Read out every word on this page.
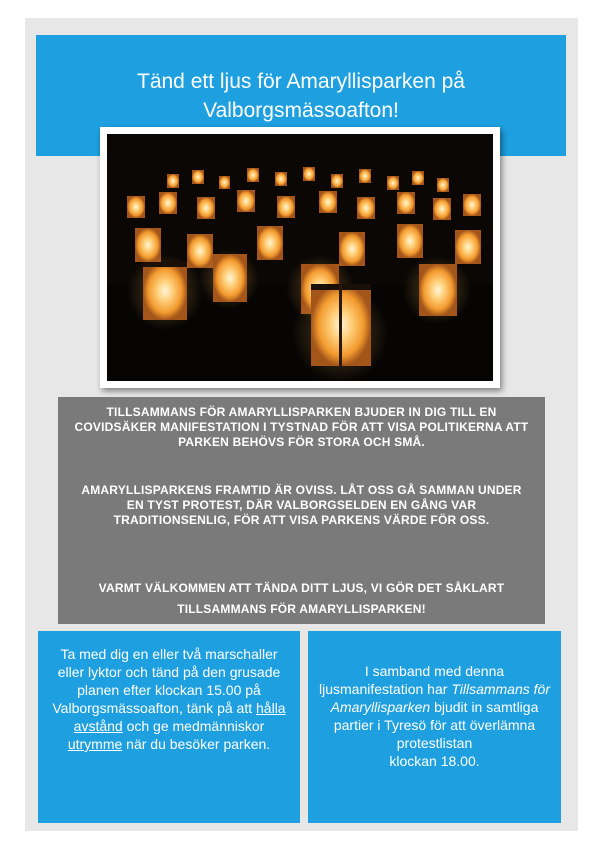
Tänd ett ljus för Amaryllisparken på
Valborgsmässoafton!

TILLSAMMANS FÖR AMARYLLISPARKEN BJUDER IN DIG TILL EN COVIDSÄKER MANIFESTATION I TYSTNAD FÖR ATT VISA POLITIKERNA ATT PARKEN BEHÖVS FÖR STORA OCH SMÅ.

AMARYLLISPARKENS FRAMTID ÄR OVISS. LÅT OSS GÅ SAMMAN UNDER EN TYST PROTEST, DÄR VALBORGSELDEN EN GÅNG VAR TRADITIONSENLIG, FÖR ATT VISA PARKENS VÄRDE FÖR OSS.

VARMT VÄLKOMMEN ATT TÄNDA DITT LJUS, VI GÖR DET SÅKLART TILLSAMMANS FÖR AMARYLLISPARKEN!

Ta med dig en eller två marschaller eller lyktor och tänd på den grusade planen efter klockan 15.00 på Valborgsmässoafton, tänk på att hålla avstånd och ge medmänniskor utrymme när du besöker parken.
I samband med denna ljusmanifestation har Tillsammans för Amaryllisparken bjudit in samtliga partier i Tyresö för att överlämna protestlistan
klockan 18.00.
